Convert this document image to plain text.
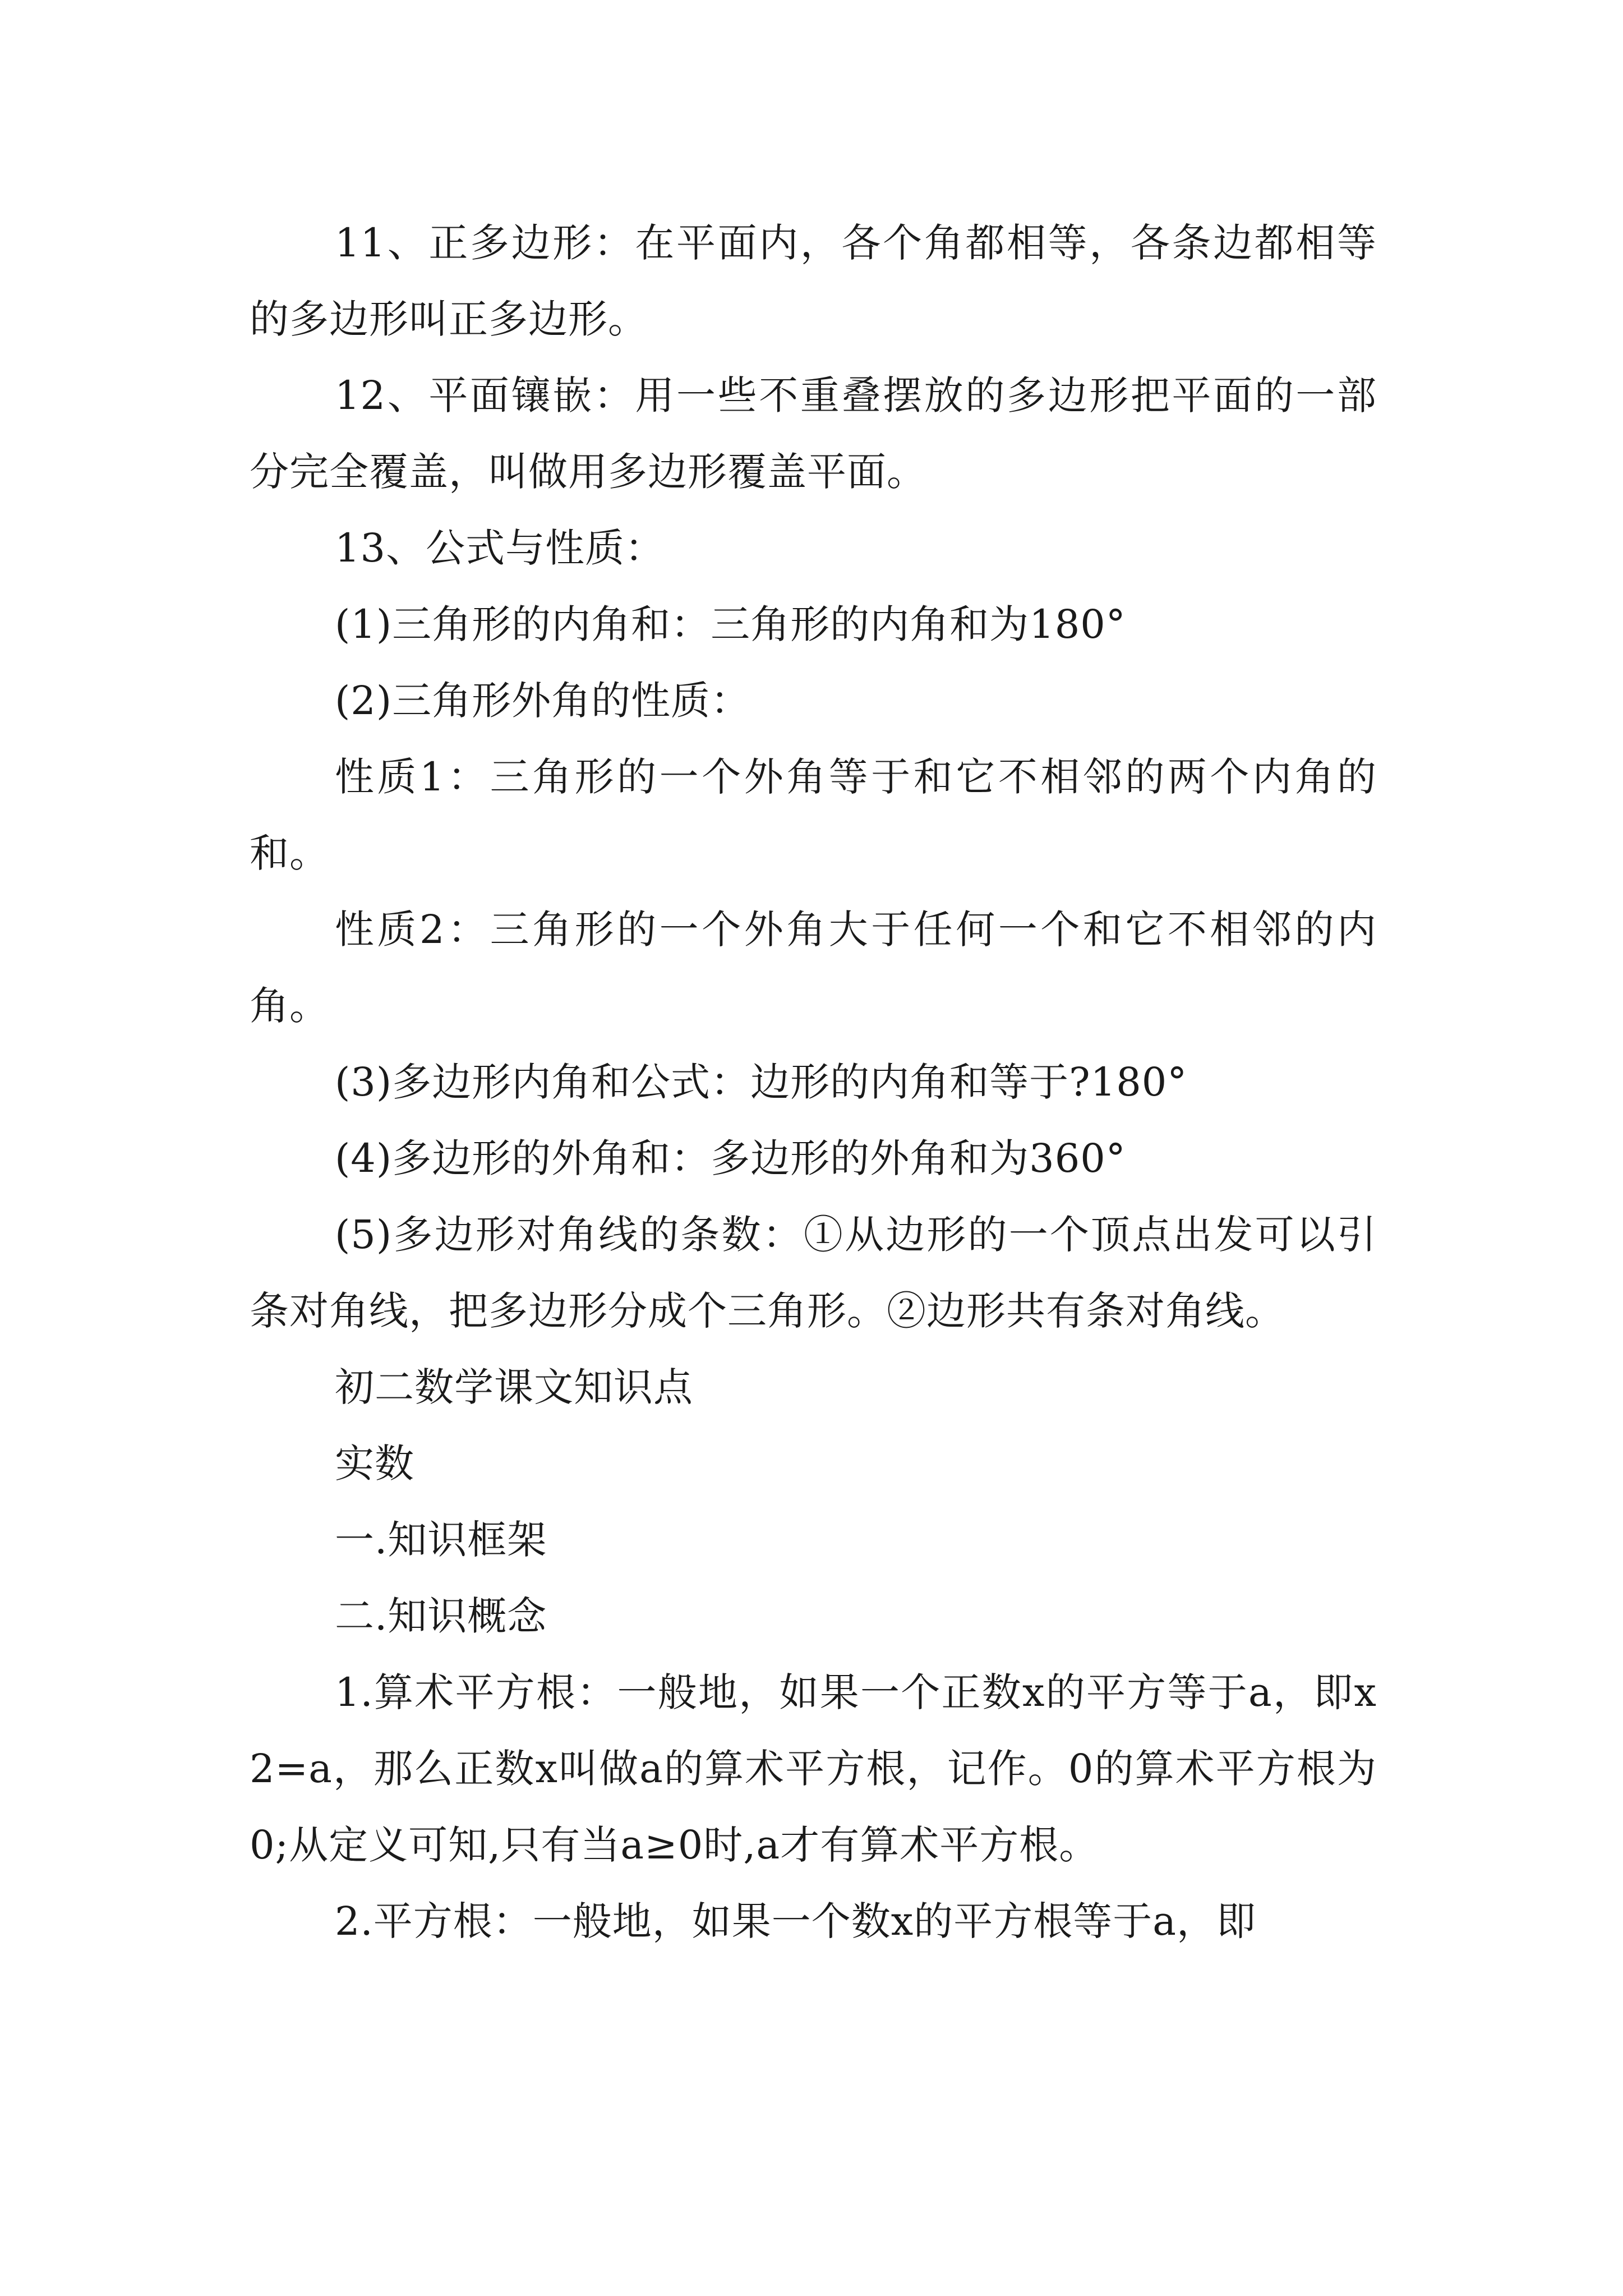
11、正多边形：在平面内，各个角都相等，各条边都相等的多边形叫正多边形。

12、平面镶嵌：用一些不重叠摆放的多边形把平面的一部分完全覆盖，叫做用多边形覆盖平面。

13、公式与性质：

(1)三角形的内角和：三角形的内角和为180°

(2)三角形外角的性质：

性质1：三角形的一个外角等于和它不相邻的两个内角的和。

性质2：三角形的一个外角大于任何一个和它不相邻的内角。

(3)多边形内角和公式：边形的内角和等于?180°

(4)多边形的外角和：多边形的外角和为360°

(5)多边形对角线的条数：①从边形的一个顶点出发可以引条对角线，把多边形分成个三角形。②边形共有条对角线。

初二数学课文知识点

实数

一.知识框架

二.知识概念

1.算术平方根：一般地，如果一个正数x的平方等于a，即x2=a，那么正数x叫做a的算术平方根，记作。0的算术平方根为0;从定义可知,只有当a≥0时,a才有算术平方根。

2.平方根：一般地，如果一个数x的平方根等于a，即
